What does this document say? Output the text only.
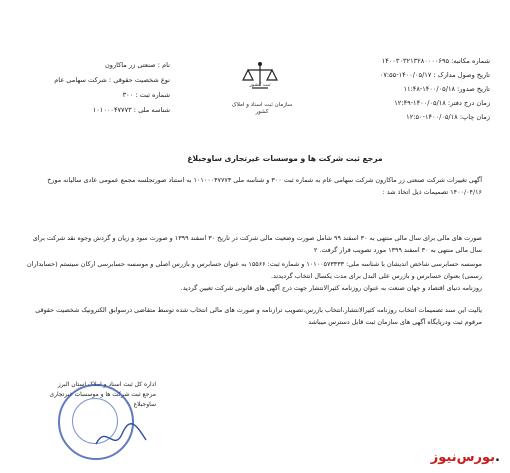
نام : صنعتی زر ماکارون
نوع شخصیت حقوقی : شرکت سهامی عام
شماره ثبت : ۳۰۰
شناسه ملی : ۱۰۱۰۰۰۴۷۷۷۳
ثبت کشور
سازمان ثبت اسناد و املاک کشور
شماره مکاتبه: ۱۴۰۰۳۰۳۲۱۳۲۸۰۰۰۰۶۹۵
تاریخ وصول مدارک : ۱۴۰۰/۰۵/۱۷-۰۷:۵۵
تاریخ صدور: ۱۴۰۰/۰۵/۱۸-۱۱:۴۸
زمان درج دفتر: ۱۴۰۰/۰۵/۱۸-۱۲:۴۹
زمان چاپ: ۱۴۰۰/۰۵/۱۸-۱۲:۵۰
مرجع ثبت شرکت ها و موسسات غیرتجاری ساوجبلاغ
آگهی تغییرات شرکت صنعتی زر ماکارون شرکت سهامی عام به شماره ثبت ۳۰۰ و شناسه ملی ۱۰۱۰۰۰۴۷۷۷۳ به استناد صورتجلسه مجمع عمومی عادی سالیانه مورخ ۱۴۰۰/۰۴/۱۶ تصمیمات ذیل اتخاذ شد :
صورت های مالی برای سال مالی منتهی به ۳۰ اسفند ۹۹ شامل صورت وضعیت مالی شرکت در تاریخ ۳۰ اسفند ۱۳۹۹ و صورت سود و زیان و گردش وجوه نقد شرکت برای سال مالی منتهی به ۳۰ اسفند ۱۳۹۹ مورد تصویب قرار گرفت. ۲
موسسه حسابرسی شاخص اندیشان با شناسه ملی: ۱۰۱۰۰۵۷۳۳۳۳ و شماره ثبت: ۱۵۵۶۶ به عنوان حسابرس و بازرس اصلی و موسسه حسابرسی ارکان سیستم (حسابداران رسمی) بعنوان حسابرس و بازرس علی البدل برای مدت یکسال انتخاب گردیدند.
روزنامه دنیای اقتصاد و جهان صنعت به عنوان روزنامه کثیرالانتشار جهت درج آگهی های قانونی شرکت تعیین گردید.
یالیت این سند تصمیمات انتخاب روزنامه کثیرالانتشار،انتخاب بازرس،تصویب ترازنامه و صورت های مالی انتخاب شده توسط متقاضی درسوابق الکترونیک شخصیت حقوقی مرقوم ثبت ودرپایگاه آگهی های سازمان ثبت قابل دسترس میباشد
اداره کل ثبت اسناد و املاک استان البرز
مرجع ثبت شرکت ها و موسسات غیرتجاری ساوجبلاغ
بورس‌نیوز.
